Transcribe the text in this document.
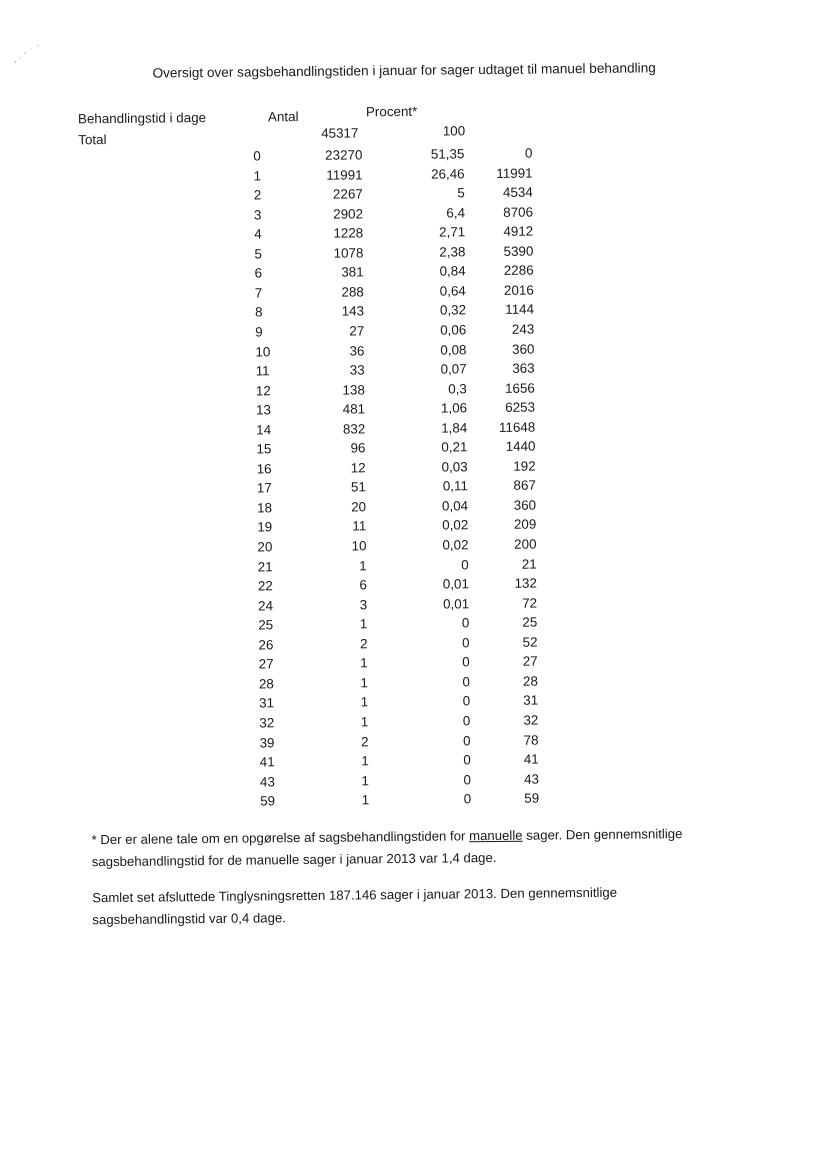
Oversigt over sagsbehandlingstiden i januar for sager udtaget til manuel behandling
Behandlingstid i dage	Antal	Procent*
Total	45317	100
0	23270	51,35	0
1	11991	26,46	11991
2	2267	5	4534
3	2902	6,4	8706
4	1228	2,71	4912
5	1078	2,38	5390
6	381	0,84	2286
7	288	0,64	2016
8	143	0,32	1144
9	27	0,06	243
10	36	0,08	360
11	33	0,07	363
12	138	0,3	1656
13	481	1,06	6253
14	832	1,84	11648
15	96	0,21	1440
16	12	0,03	192
17	51	0,11	867
18	20	0,04	360
19	11	0,02	209
20	10	0,02	200
21	1	0	21
22	6	0,01	132
24	3	0,01	72
25	1	0	25
26	2	0	52
27	1	0	27
28	1	0	28
31	1	0	31
32	1	0	32
39	2	0	78
41	1	0	41
43	1	0	43
59	1	0	59
* Der er alene tale om en opgørelse af sagsbehandlingstiden for manuelle sager. Den gennemsnitlige sagsbehandlingstid for de manuelle sager i januar 2013 var 1,4 dage.
Samlet set afsluttede Tinglysningsretten 187.146 sager i januar 2013. Den gennemsnitlige sagsbehandlingstid var 0,4 dage.
